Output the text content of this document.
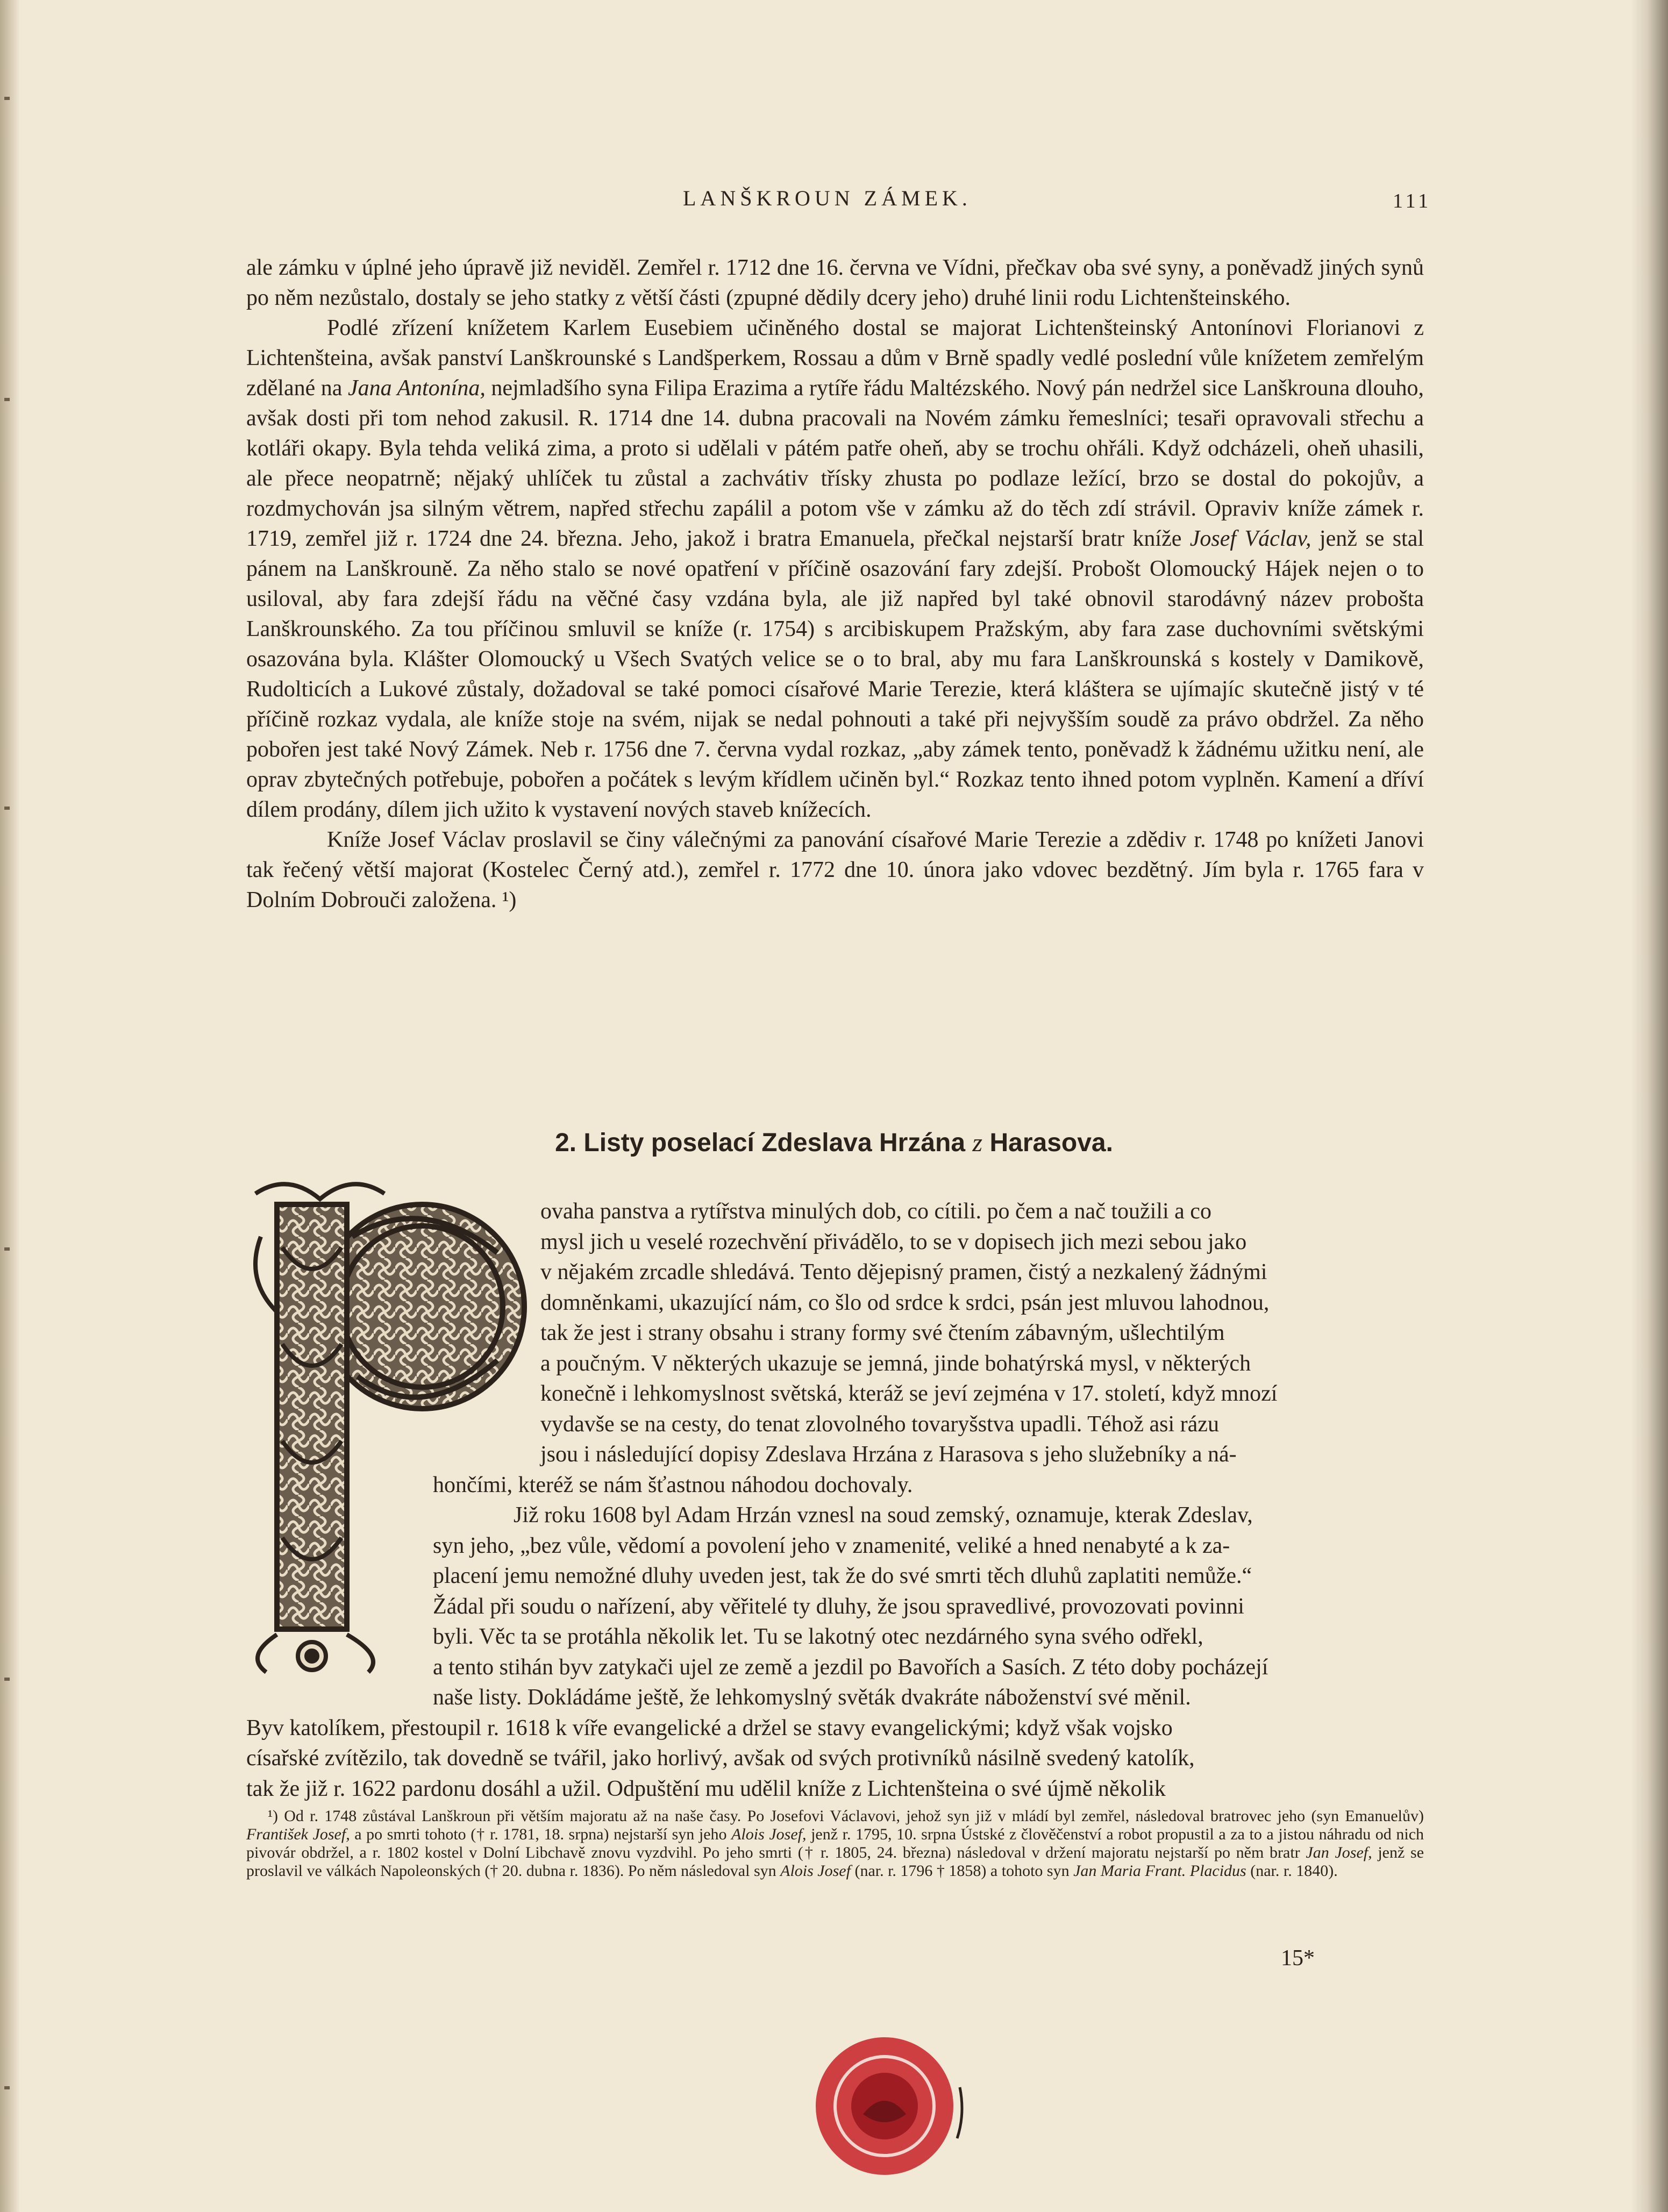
LANŠKROUN ZÁMEK.	111

ale zámku v úplné jeho úpravě již neviděl. Zemřel r. 1712 dne 16. června ve Vídni, přečkav oba své syny, a poněvadž jiných synů po něm nezůstalo, dostaly se jeho statky z větší části (zpupné dědily dcery jeho) druhé linii rodu Lichtenšteinského.

Podlé zřízení knížetem Karlem Eusebiem učiněného dostal se majorat Lichtenšteinský Antonínovi Florianovi z Lichtenšteina, avšak panství Lanškrounské s Landšperkem, Rossau a dům v Brně spadly vedlé poslední vůle knížetem zemřelým zdělané na Jana Antonína, nejmladšího syna Filipa Erazima a rytíře řádu Maltézského. Nový pán nedržel sice Lanškrouna dlouho, avšak dosti při tom nehod zakusil. R. 1714 dne 14. dubna pracovali na Novém zámku řemeslníci; tesaři opravovali střechu a kotláři okapy. Byla tehda veliká zima, a proto si udělali v pátém patře oheň, aby se trochu ohřáli. Když odcházeli, oheň uhasili, ale přece neopatrně; nějaký uhlíček tu zůstal a zachvátiv třísky zhusta po podlaze ležící, brzo se dostal do pokojův, a rozdmychován jsa silným větrem, napřed střechu zapálil a potom vše v zámku až do těch zdí strávil. Opraviv kníže zámek r. 1719, zemřel již r. 1724 dne 24. března. Jeho, jakož i bratra Emanuela, přečkal nejstarší bratr kníže Josef Václav, jenž se stal pánem na Lanškrouně. Za něho stalo se nové opatření v příčině osazování fary zdejší. Probošt Olomoucký Hájek nejen o to usiloval, aby fara zdejší řádu na věčné časy vzdána byla, ale již napřed byl také obnovil starodávný název probošta Lanškrounského. Za tou příčinou smluvil se kníže (r. 1754) s arcibiskupem Pražským, aby fara zase duchovními světskými osazována byla. Klášter Olomoucký u Všech Svatých velice se o to bral, aby mu fara Lanškrounská s kostely v Damikově, Rudolticích a Lukové zůstaly, dožadoval se také pomoci císařové Marie Terezie, která kláštera se ujímajíc skutečně jistý v té příčině rozkaz vydala, ale kníže stoje na svém, nijak se nedal pohnouti a také při nejvyšším soudě za právo obdržel. Za něho pobořen jest také Nový Zámek. Neb r. 1756 dne 7. června vydal rozkaz, „aby zámek tento, poněvadž k žádnému užitku není, ale oprav zbytečných potřebuje, pobořen a počátek s levým křídlem učiněn byl.“ Rozkaz tento ihned potom vyplněn. Kamení a dříví dílem prodány, dílem jich užito k vystavení nových staveb knížecích.

Kníže Josef Václav proslavil se činy válečnými za panování císařové Marie Terezie a zdědiv r. 1748 po knížeti Janovi tak řečený větší majorat (Kostelec Černý atd.), zemřel r. 1772 dne 10. února jako vdovec bezdětný. Jím byla r. 1765 fara v Dolním Dobrouči založena. ¹)

2. Listy poselací Zdeslava Hrzána z Harasova.
ovaha panstva a rytířstva minulých dob, co cítili. po čem a nač toužili a co
mysl jich u veselé rozechvění přivádělo, to se v dopisech jich mezi sebou jako
v nějakém zrcadle shledává. Tento dějepisný pramen, čistý a nezkalený žádnými
domněnkami, ukazující nám, co šlo od srdce k srdci, psán jest mluvou lahodnou,
tak že jest i strany obsahu i strany formy své čtením zábavným, ušlechtilým
a poučným. V některých ukazuje se jemná, jinde bohatýrská mysl, v některých
konečně i lehkomyslnost světská, kteráž se jeví zejména v 17. století, když mnozí
vydavše se na cesty, do tenat zlovolného tovaryšstva upadli. Téhož asi rázu
jsou i následující dopisy Zdeslava Hrzána z Harasova s jeho služebníky a ná-
hončími, kteréž se nám šťastnou náhodou dochovaly.
Již roku 1608 byl Adam Hrzán vznesl na soud zemský, oznamuje, kterak Zdeslav,
syn jeho, „bez vůle, vědomí a povolení jeho v znamenité, veliké a hned nenabyté a k za-
placení jemu nemožné dluhy uveden jest, tak že do své smrti těch dluhů zaplatiti nemůže.“
Žádal při soudu o nařízení, aby věřitelé ty dluhy, že jsou spravedlivé, provozovati povinni
byli. Věc ta se protáhla několik let. Tu se lakotný otec nezdárného syna svého odřekl,
a tento stihán byv zatykači ujel ze země a jezdil po Bavořích a Sasích. Z této doby pocházejí
naše listy. Dokládáme ještě, že lehkomyslný světák dvakráte náboženství své měnil.
Byv katolíkem, přestoupil r. 1618 k víře evangelické a držel se stavy evangelickými; když však vojsko
císařské zvítězilo, tak dovedně se tvářil, jako horlivý, avšak od svých protivníků násilně svedený katolík,
tak že již r. 1622 pardonu dosáhl a užil. Odpuštění mu udělil kníže z Lichtenšteina o své újmě několik

¹) Od r. 1748 zůstával Lanškroun při větším majoratu až na naše časy. Po Josefovi Václavovi, jehož syn již v mládí byl zemřel, následoval bratrovec jeho (syn Emanuelův) František Josef, a po smrti tohoto († r. 1781, 18. srpna) nejstarší syn jeho Alois Josef, jenž r. 1795, 10. srpna Ústské z člověčenství a robot propustil a za to a jistou náhradu od nich pivovár obdržel, a r. 1802 kostel v Dolní Libchavě znovu vyzdvihl. Po jeho smrti († r. 1805, 24. března) následoval v držení majoratu nejstarší po něm bratr Jan Josef, jenž se proslavil ve válkách Napoleonských († 20. dubna r. 1836). Po něm následoval syn Alois Josef (nar. r. 1796 † 1858) a tohoto syn Jan Maria Frant. Placidus (nar. r. 1840).

15*
